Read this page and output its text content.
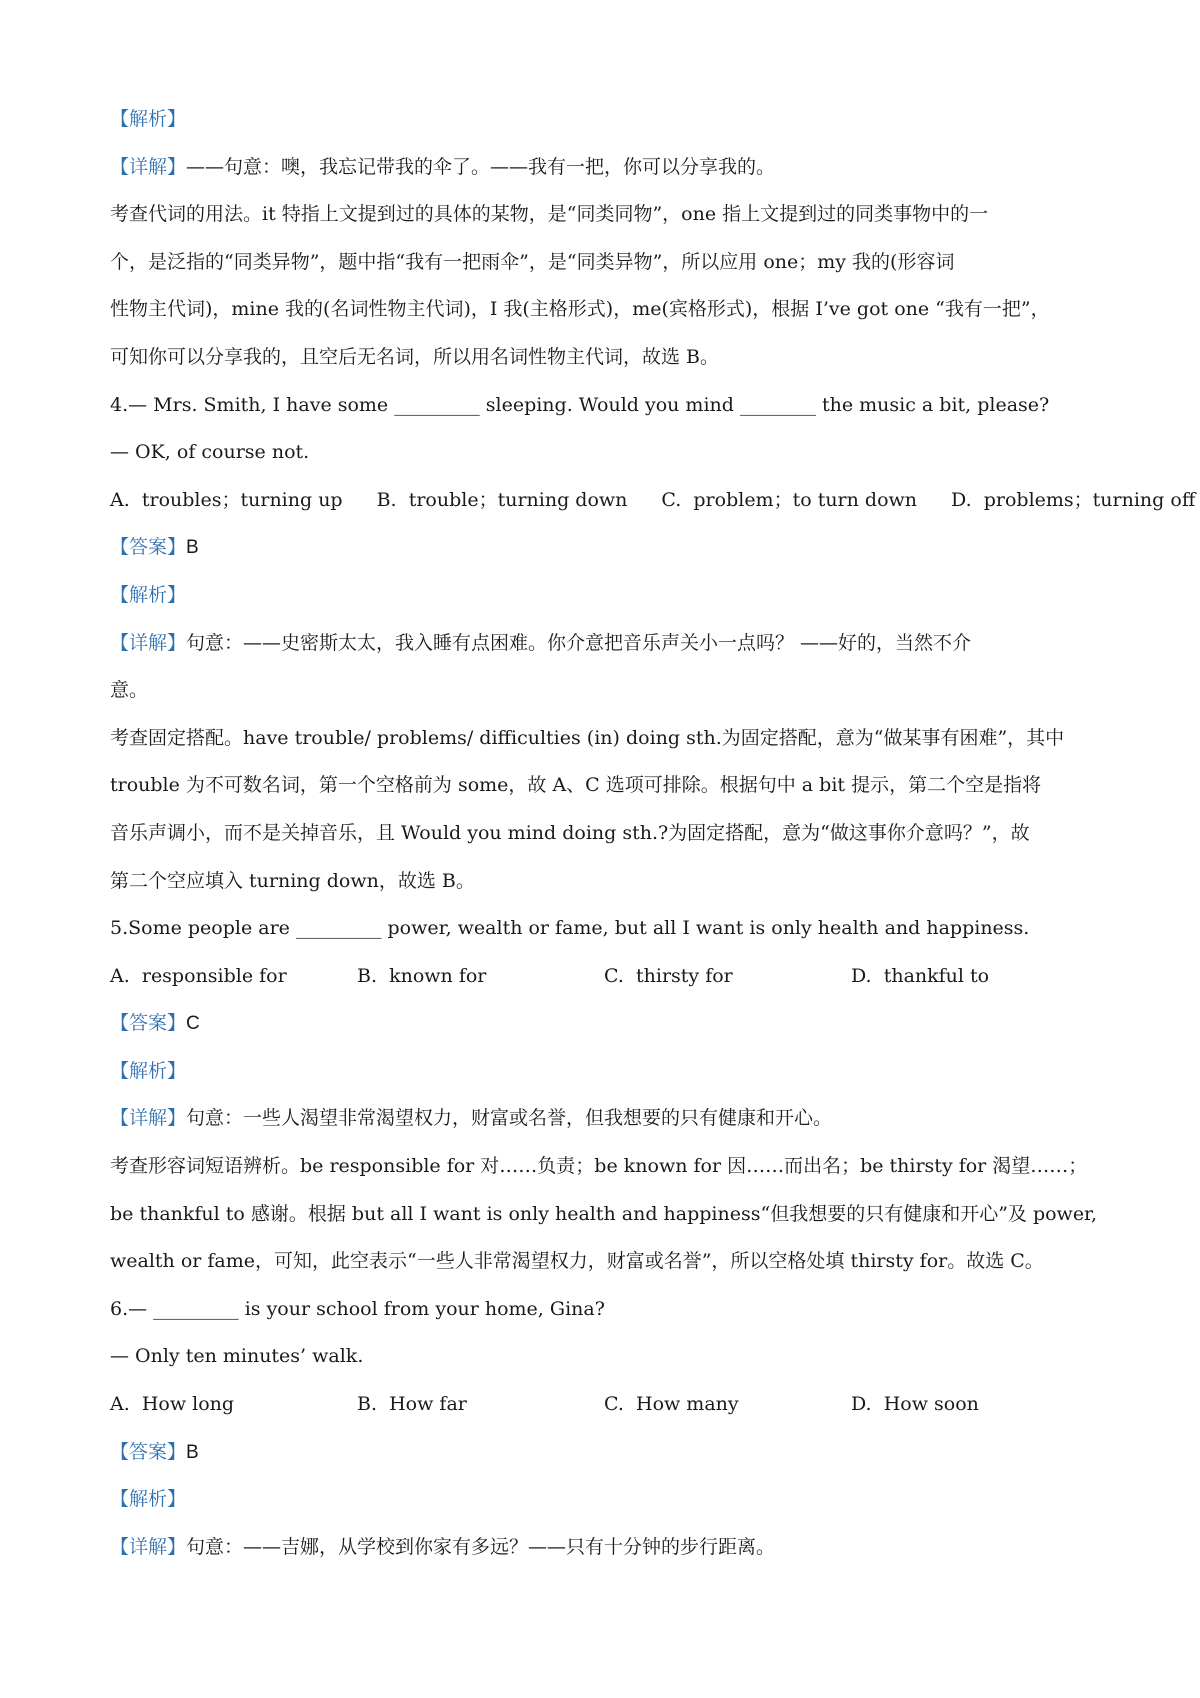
【解析】
【详解】——句意：噢，我忘记带我的伞了。——我有一把，你可以分享我的。
考查代词的用法。it 特指上文提到过的具体的某物，是“同类同物”，one 指上文提到过的同类事物中的一
个，是泛指的“同类异物”，题中指“我有一把雨伞”，是“同类异物”，所以应用 one；my 我的(形容词
性物主代词)，mine 我的(名词性物主代词)，I 我(主格形式)，me(宾格形式)，根据 I’ve got one “我有一把”，
可知你可以分享我的，且空后无名词，所以用名词性物主代词，故选 B。
4.— Mrs. Smith, I have some _________ sleeping. Would you mind ________ the music a bit, please?
— OK, of course not.
A. troubles；turning up B. trouble；turning down C. problem；to turn down D. problems；turning off
【答案】B
【解析】
【详解】句意：——史密斯太太，我入睡有点困难。你介意把音乐声关小一点吗？ ——好的，当然不介
意。
考查固定搭配。have trouble/ problems/ difficulties (in) doing sth.为固定搭配，意为“做某事有困难”，其中
trouble 为不可数名词，第一个空格前为 some，故 A、C 选项可排除。根据句中 a bit 提示，第二个空是指将
音乐声调小，而不是关掉音乐，且 Would you mind doing sth.?为固定搭配，意为“做这事你介意吗？”，故
第二个空应填入 turning down，故选 B。
5.Some people are _________ power, wealth or fame, but all I want is only health and happiness.
A. responsible for	B. known for	C. thirsty for	D. thankful to
【答案】C
【解析】
【详解】句意：一些人渴望非常渴望权力，财富或名誉，但我想要的只有健康和开心。
考查形容词短语辨析。be responsible for 对……负责；be known for 因……而出名；be thirsty for 渴望……；
be thankful to 感谢。根据 but all I want is only health and happiness“但我想要的只有健康和开心”及 power,
wealth or fame，可知，此空表示“一些人非常渴望权力，财富或名誉”，所以空格处填 thirsty for。故选 C。
6.— _________ is your school from your home, Gina?
— Only ten minutes’ walk.
A. How long	B. How far	C. How many	D. How soon
【答案】B
【解析】
【详解】句意：——吉娜，从学校到你家有多远？——只有十分钟的步行距离。
